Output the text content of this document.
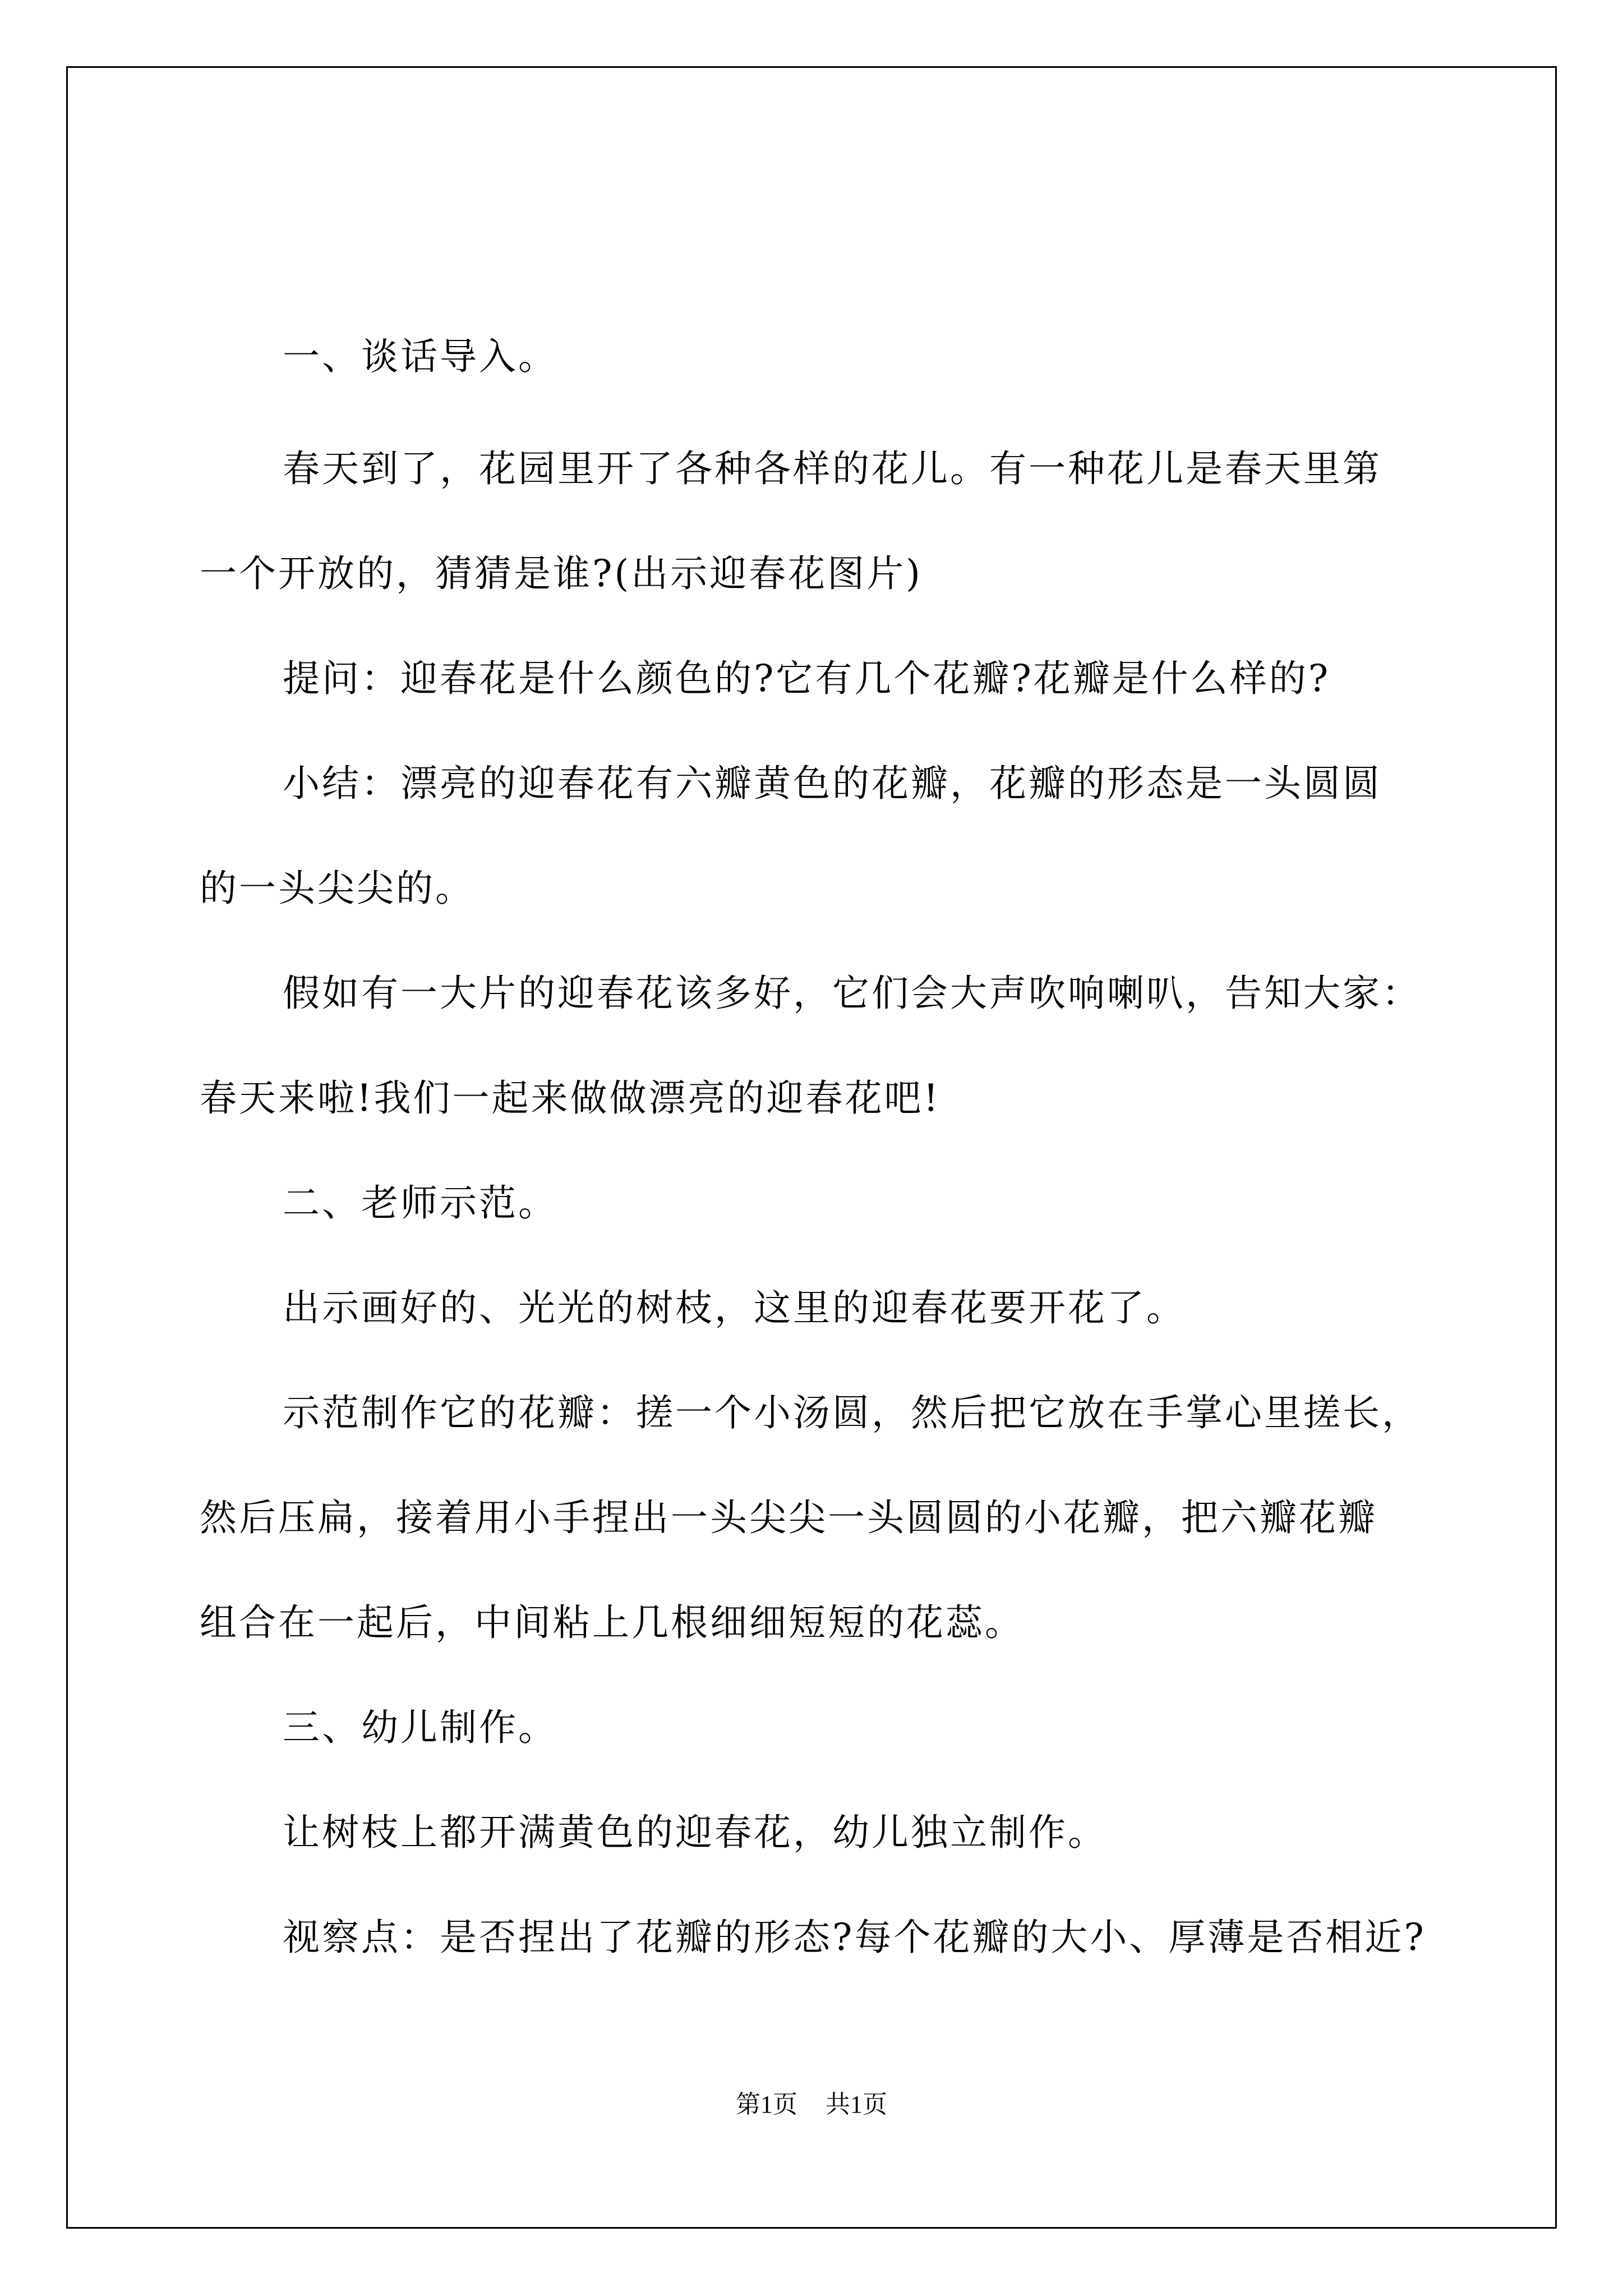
一、谈话导入。

春天到了，花园里开了各种各样的花儿。有一种花儿是春天里第

一个开放的，猜猜是谁?(出示迎春花图片)

提问：迎春花是什么颜色的?它有几个花瓣?花瓣是什么样的?

小结：漂亮的迎春花有六瓣黄色的花瓣，花瓣的形态是一头圆圆

的一头尖尖的。

假如有一大片的迎春花该多好，它们会大声吹响喇叭，告知大家：

春天来啦!我们一起来做做漂亮的迎春花吧!

二、老师示范。

出示画好的、光光的树枝，这里的迎春花要开花了。

示范制作它的花瓣：搓一个小汤圆，然后把它放在手掌心里搓长，

然后压扁，接着用小手捏出一头尖尖一头圆圆的小花瓣，把六瓣花瓣

组合在一起后，中间粘上几根细细短短的花蕊。

三、幼儿制作。

让树枝上都开满黄色的迎春花，幼儿独立制作。

视察点：是否捏出了花瓣的形态?每个花瓣的大小、厚薄是否相近?

第1页 共1页
